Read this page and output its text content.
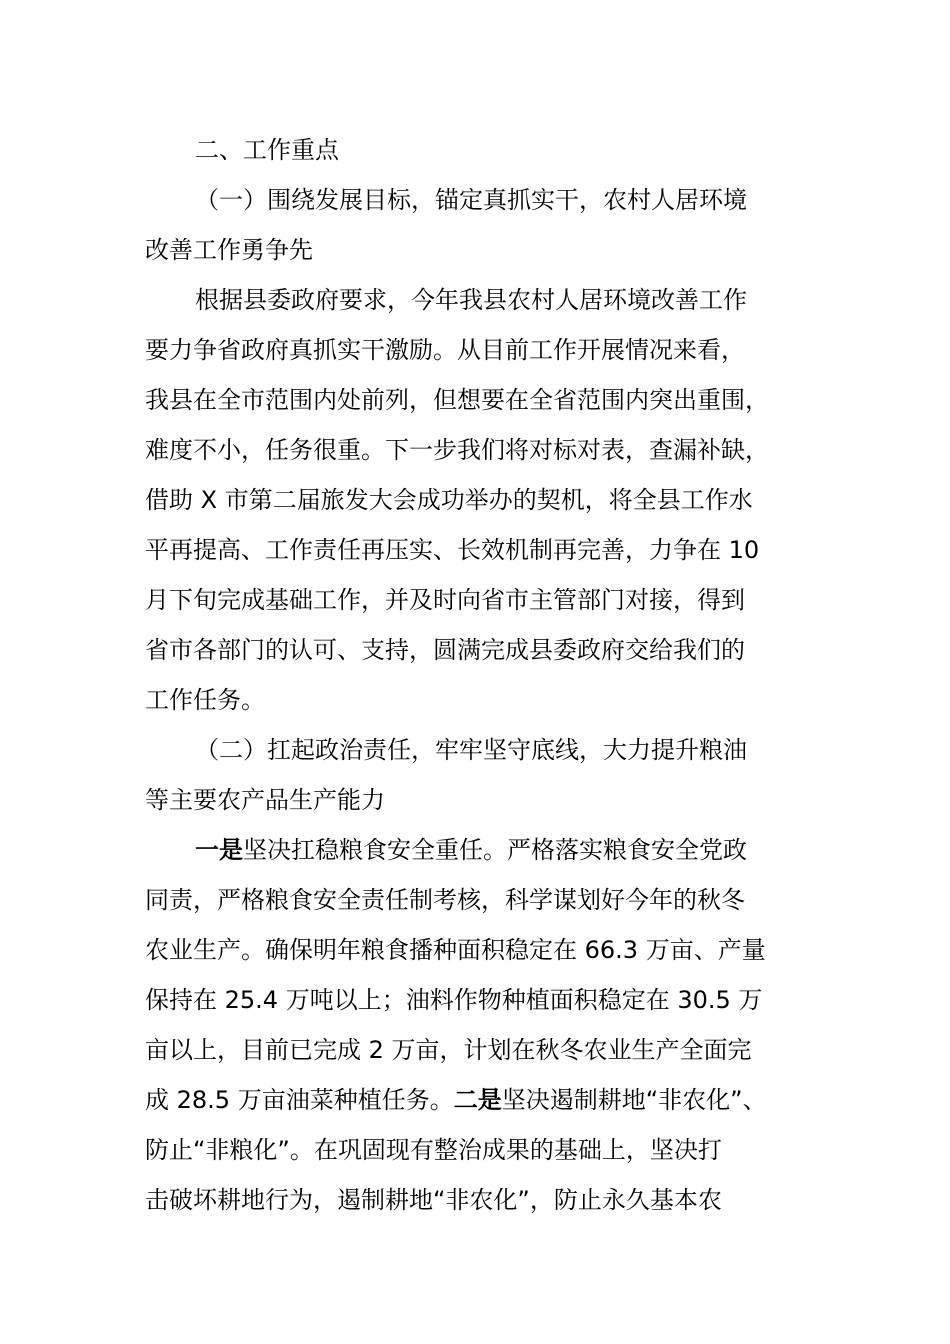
二、工作重点
（一）围绕发展目标，锚定真抓实干，农村人居环境
改善工作勇争先
根据县委政府要求，今年我县农村人居环境改善工作
要力争省政府真抓实干激励。从目前工作开展情况来看，
我县在全市范围内处前列，但想要在全省范围内突出重围，
难度不小，任务很重。下一步我们将对标对表，查漏补缺，
借助 X 市第二届旅发大会成功举办的契机，将全县工作水
平再提高、工作责任再压实、长效机制再完善，力争在 10
月下旬完成基础工作，并及时向省市主管部门对接，得到
省市各部门的认可、支持，圆满完成县委政府交给我们的
工作任务。
（二）扛起政治责任，牢牢坚守底线，大力提升粮油
等主要农产品生产能力
一是坚决扛稳粮食安全重任。严格落实粮食安全党政
同责，严格粮食安全责任制考核，科学谋划好今年的秋冬
农业生产。确保明年粮食播种面积稳定在 66.3 万亩、产量
保持在 25.4 万吨以上；油料作物种植面积稳定在 30.5 万
亩以上，目前已完成 2 万亩，计划在秋冬农业生产全面完
成 28.5 万亩油菜种植任务。二是坚决遏制耕地“非农化”、
防止“非粮化”。在巩固现有整治成果的基础上，坚决打
击破坏耕地行为，遏制耕地“非农化”，防止永久基本农
